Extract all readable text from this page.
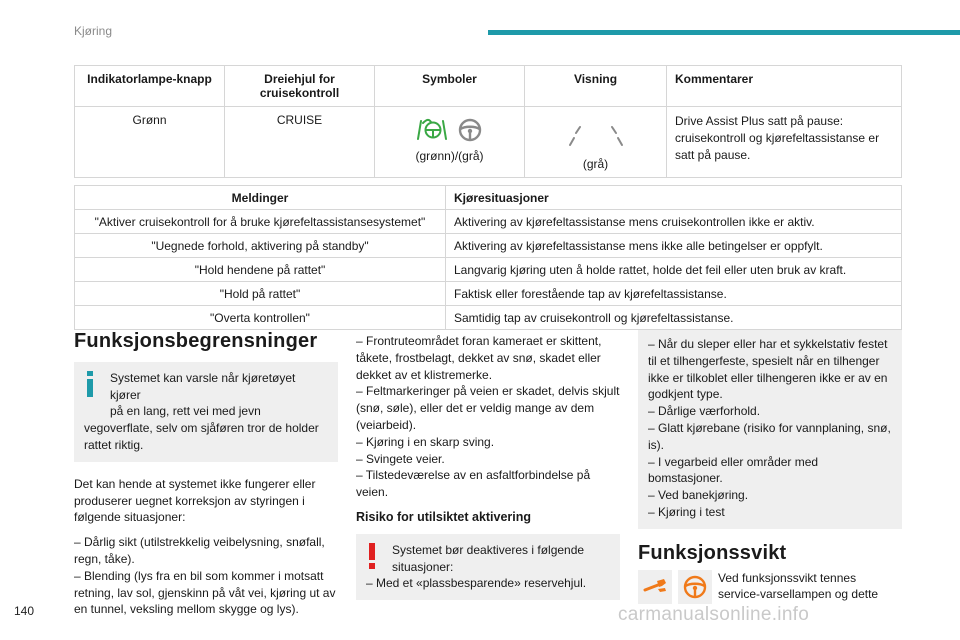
Kjøring
Indikatorlampe-knapp	Dreiehjul for cruisekontroll	Symboler	Visning	Kommentarer
Grønn	CRUISE	(grønn)/(grå)	(grå)	Drive Assist Plus satt på pause: cruisekontroll og kjørefeltassistanse er satt på pause.
Meldinger	Kjøresituasjoner
"Aktiver cruisekontroll for å bruke kjørefeltassistansesystemet"	Aktivering av kjørefeltassistanse mens cruisekontrollen ikke er aktiv.
"Uegnede forhold, aktivering på standby"	Aktivering av kjørefeltassistanse mens ikke alle betingelser er oppfylt.
"Hold hendene på rattet"	Langvarig kjøring uten å holde rattet, holde det feil eller uten bruk av kraft.
"Hold på rattet"	Faktisk eller forestående tap av kjørefeltassistanse.
"Overta kontrollen"	Samtidig tap av cruisekontroll og kjørefeltassistanse.
Funksjonsbegrensninger
Systemet kan varsle når kjøretøyet kjører
på en lang, rett vei med jevn
vegoverflate, selv om sjåføren tror de holder rattet riktig.
Det kan hende at systemet ikke fungerer eller produserer uegnet korreksjon av styringen i følgende situasjoner:
– Dårlig sikt (utilstrekkelig veibelysning, snøfall, regn, tåke).
– Blending (lys fra en bil som kommer i motsatt retning, lav sol, gjenskinn på våt vei, kjøring ut av en tunnel, veksling mellom skygge og lys).
– Frontruteområdet foran kameraet er skittent, tåkete, frostbelagt, dekket av snø, skadet eller dekket av et klistremerke.
– Feltmarkeringer på veien er skadet, delvis skjult (snø, søle), eller det er veldig mange av dem (veiarbeid).
– Kjøring i en skarp sving.
– Svingete veier.
– Tilstedeværelse av en asfaltforbindelse på veien.
Risiko for utilsiktet aktivering
Systemet bør deaktiveres i følgende
situasjoner:
– Med et «plassbesparende» reservehjul.
– Når du sleper eller har et sykkelstativ festet til et tilhengerfeste, spesielt når en tilhenger ikke er tilkoblet eller tilhengeren ikke er av en godkjent type.
– Dårlige værforhold.
– Glatt kjørebane (risiko for vannplaning, snø, is).
– I vegarbeid eller områder med bomstasjoner.
– Ved banekjøring.
– Kjøring i test
Funksjonssvikt
Ved funksjonssvikt tennes
service-varsellampen og dette
140	carmanualsonline.info
